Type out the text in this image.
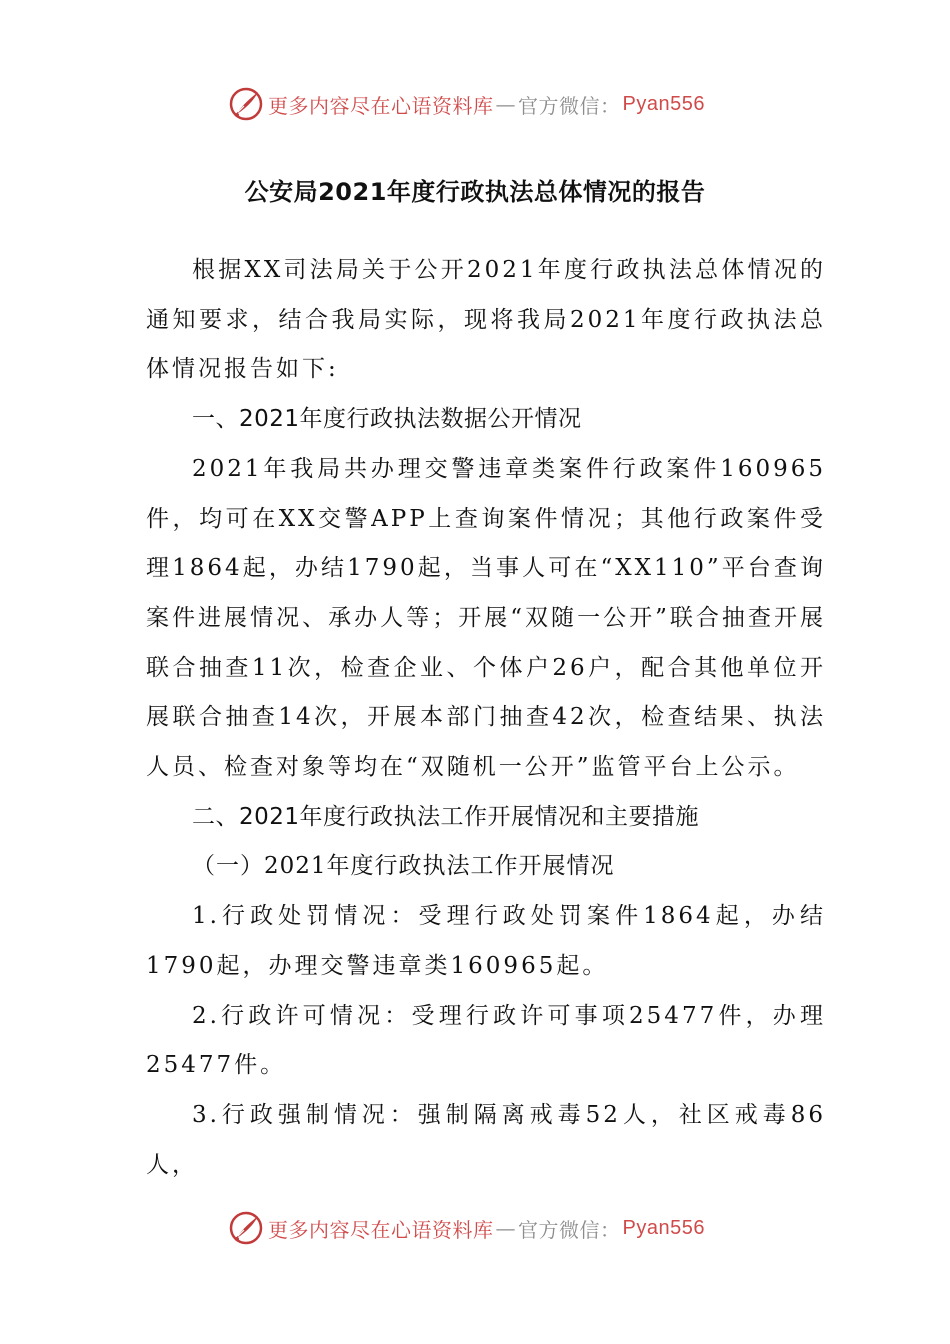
更多内容尽在心语资料库 — 官方微信： Pyan556
公安局2021年度行政执法总体情况的报告

根据XX司法局关于公开2021年度行政执法总体情况的通知要求，结合我局实际，现将我局2021年度行政执法总体情况报告如下:

一、2021年度行政执法数据公开情况

2021年我局共办理交警违章类案件行政案件160965件，均可在XX交警APP上查询案件情况；其他行政案件受理1864起，办结1790起，当事人可在“XX110”平台查询案件进展情况、承办人等；开展“双随一公开”联合抽查开展联合抽查11次，检查企业、个体户26户，配合其他单位开展联合抽查14次，开展本部门抽查42次，检查结果、执法人员、检查对象等均在“双随机一公开”监管平台上公示。

二、2021年度行政执法工作开展情况和主要措施
（一）2021年度行政执法工作开展情况

1.行政处罚情况：受理行政处罚案件1864起，办结1790起，办理交警违章类160965起。

2.行政许可情况：受理行政许可事项25477件，办理25477件。

3.行政强制情况：强制隔离戒毒52人，社区戒毒86人，

更多内容尽在心语资料库 — 官方微信： Pyan556
